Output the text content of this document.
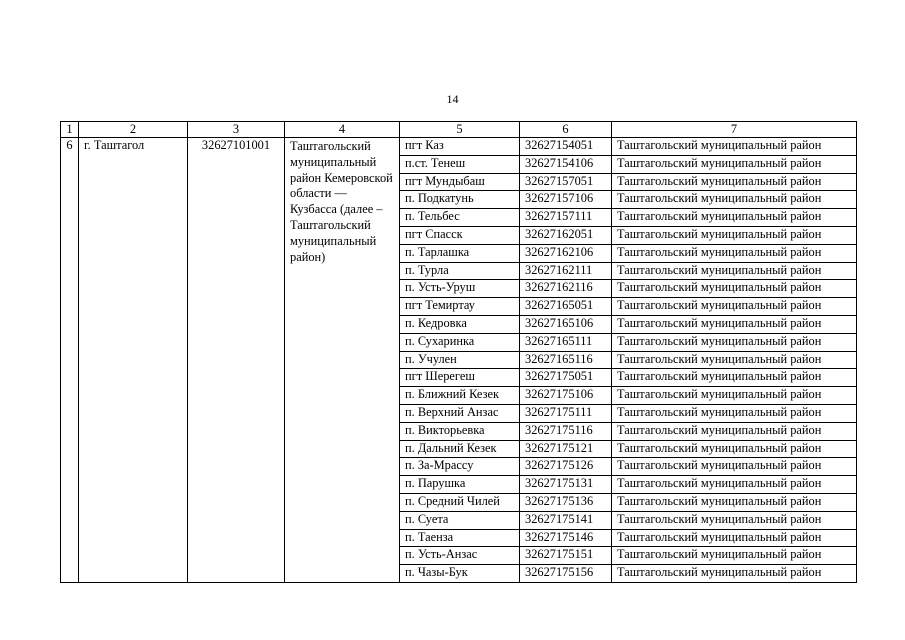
14
1	2	3	4	5	6	7
6	г. Таштагол	32627101001	Таштагольский муниципальный район Кемеровской области — Кузбасса (далее – Таштагольский муниципальный район)	пгт Каз	32627154051	Таштагольский муниципальный район
				п.ст. Тенеш	32627154106	Таштагольский муниципальный район
				пгт Мундыбаш	32627157051	Таштагольский муниципальный район
				п. Подкатунь	32627157106	Таштагольский муниципальный район
				п. Тельбес	32627157111	Таштагольский муниципальный район
				пгт Спасск	32627162051	Таштагольский муниципальный район
				п. Тарлашка	32627162106	Таштагольский муниципальный район
				п. Турла	32627162111	Таштагольский муниципальный район
				п. Усть-Уруш	32627162116	Таштагольский муниципальный район
				пгт Темиртау	32627165051	Таштагольский муниципальный район
				п. Кедровка	32627165106	Таштагольский муниципальный район
				п. Сухаринка	32627165111	Таштагольский муниципальный район
				п. Учулен	32627165116	Таштагольский муниципальный район
				пгт Шерегеш	32627175051	Таштагольский муниципальный район
				п. Ближний Кезек	32627175106	Таштагольский муниципальный район
				п. Верхний Анзас	32627175111	Таштагольский муниципальный район
				п. Викторьевка	32627175116	Таштагольский муниципальный район
				п. Дальний Кезек	32627175121	Таштагольский муниципальный район
				п. За-Мрассу	32627175126	Таштагольский муниципальный район
				п. Парушка	32627175131	Таштагольский муниципальный район
				п. Средний Чилей	32627175136	Таштагольский муниципальный район
				п. Суета	32627175141	Таштагольский муниципальный район
				п. Таенза	32627175146	Таштагольский муниципальный район
				п. Усть-Анзас	32627175151	Таштагольский муниципальный район
				п. Чазы-Бук	32627175156	Таштагольский муниципальный район
